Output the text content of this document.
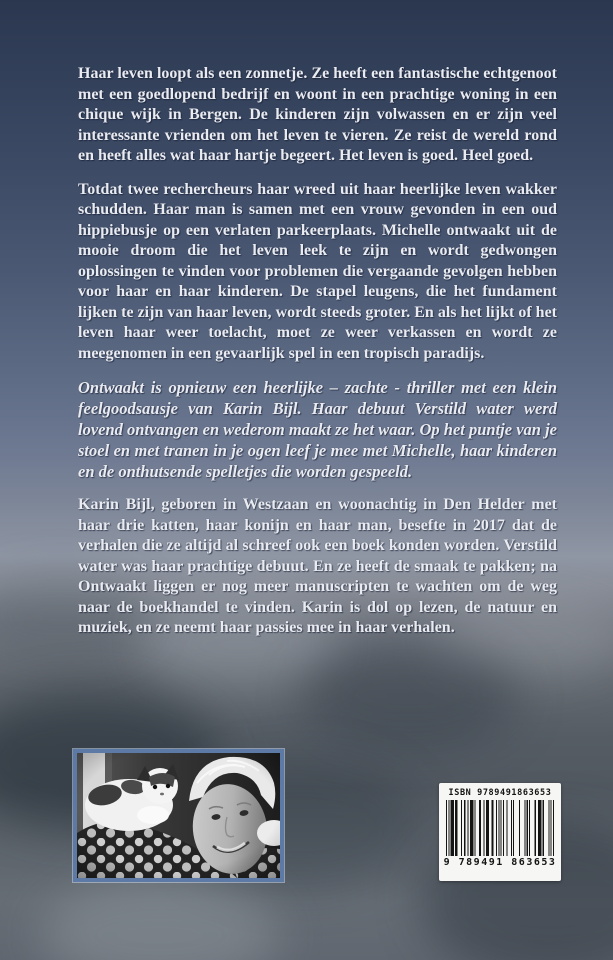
Haar leven loopt als een zonnetje. Ze heeft een fantastische echtgenoot met een goedlopend bedrijf en woont in een prachtige woning in een chique wijk in Bergen. De kinderen zijn volwassen en er zijn veel interessante vrienden om het leven te vieren. Ze reist de wereld rond en heeft alles wat haar hartje begeert. Het leven is goed. Heel goed.

Totdat twee rechercheurs haar wreed uit haar heerlijke leven wakker schudden. Haar man is samen met een vrouw gevonden in een oud hippiebusje op een verlaten parkeerplaats. Michelle ontwaakt uit de mooie droom die het leven leek te zijn en wordt gedwongen oplossingen te vinden voor problemen die vergaande gevolgen hebben voor haar en haar kinderen. De stapel leugens, die het fundament lijken te zijn van haar leven, wordt steeds groter. En als het lijkt of het leven haar weer toelacht, moet ze weer verkassen en wordt ze meegenomen in een gevaarlijk spel in een tropisch paradijs.

Ontwaakt is opnieuw een heerlijke – zachte - thriller met een klein feelgoodsausje van Karin Bijl. Haar debuut Verstild water werd lovend ontvangen en wederom maakt ze het waar. Op het puntje van je stoel en met tranen in je ogen leef je mee met Michelle, haar kinderen en de onthutsende spelletjes die worden gespeeld.

Karin Bijl, geboren in Westzaan en woonachtig in Den Helder met haar drie katten, haar konijn en haar man, besefte in 2017 dat de verhalen die ze altijd al schreef ook een boek konden worden. Verstild water was haar prachtige debuut. En ze heeft de smaak te pakken; na Ontwaakt liggen er nog meer manuscripten te wachten om de weg naar de boekhandel te vinden. Karin is dol op lezen, de natuur en muziek, en ze neemt haar passies mee in haar verhalen.

ISBN 9789491863653
9 789491 863653
